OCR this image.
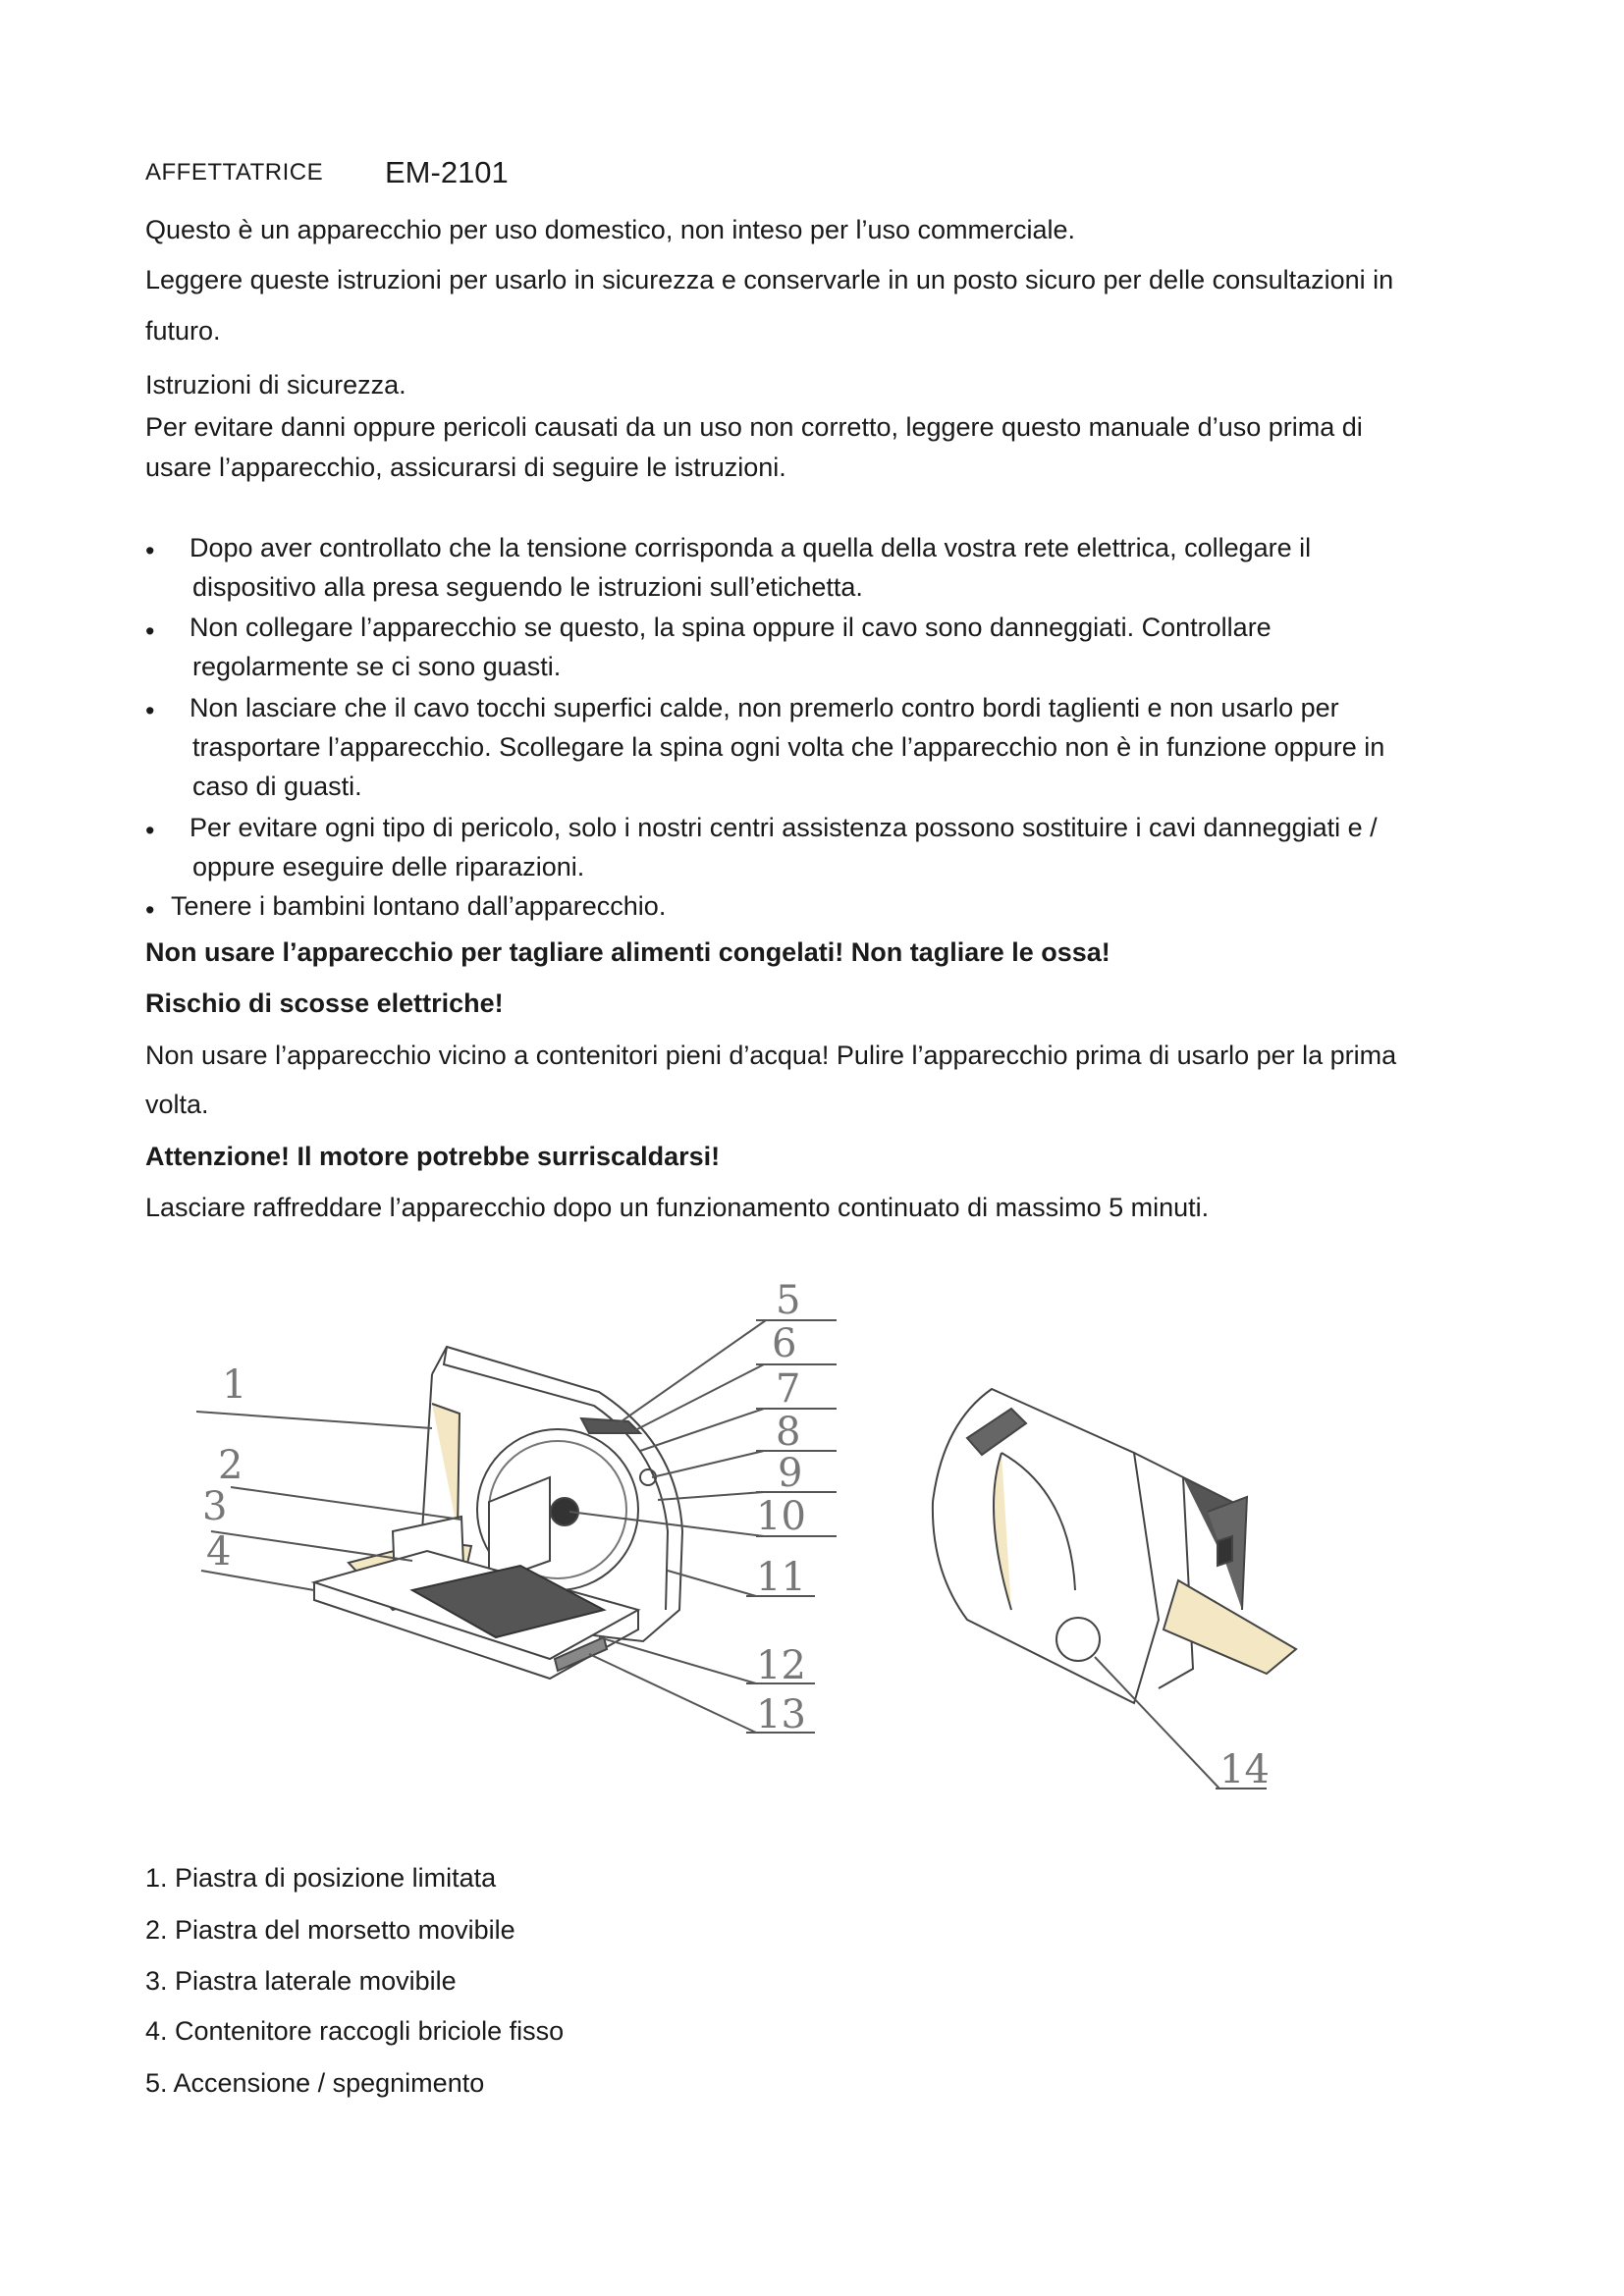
AFFETTATRICE EM-2101
Questo è un apparecchio per uso domestico, non inteso per l’uso commerciale.
Leggere queste istruzioni per usarlo in sicurezza e conservarle in un posto sicuro per delle consultazioni in
futuro.
Istruzioni di sicurezza.
Per evitare danni oppure pericoli causati da un uso non corretto, leggere questo manuale d’uso prima di
usare l’apparecchio, assicurarsi di seguire le istruzioni.
• Dopo aver controllato che la tensione corrisponda a quella della vostra rete elettrica, collegare il
dispositivo alla presa seguendo le istruzioni sull’etichetta.
• Non collegare l’apparecchio se questo, la spina oppure il cavo sono danneggiati. Controllare
regolarmente se ci sono guasti.
• Non lasciare che il cavo tocchi superfici calde, non premerlo contro bordi taglienti e non usarlo per
trasportare l’apparecchio. Scollegare la spina ogni volta che l’apparecchio non è in funzione oppure in
caso di guasti.
• Per evitare ogni tipo di pericolo, solo i nostri centri assistenza possono sostituire i cavi danneggiati e /
oppure eseguire delle riparazioni.
• Tenere i bambini lontano dall’apparecchio.
Non usare l’apparecchio per tagliare alimenti congelati! Non tagliare le ossa!
Rischio di scosse elettriche!
Non usare l’apparecchio vicino a contenitori pieni d’acqua! Pulire l’apparecchio prima di usarlo per la prima
volta.
Attenzione! Il motore potrebbe surriscaldarsi!
Lasciare raffreddare l’apparecchio dopo un funzionamento continuato di massimo 5 minuti.
1
2
3
4
5
6
7
8
9
10
11
12
13
14
1. Piastra di posizione limitata
2. Piastra del morsetto movibile
3. Piastra laterale movibile
4. Contenitore raccogli briciole fisso
5. Accensione / spegnimento
